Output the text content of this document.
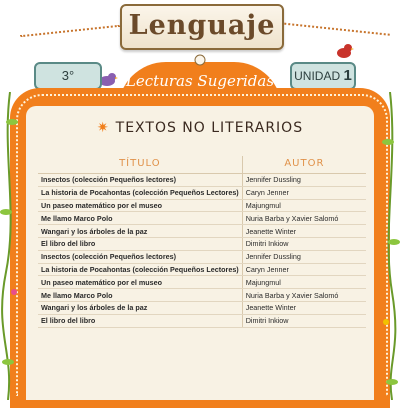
Lenguaje
3°	UNIDAD 1
Lecturas Sugeridas
✷ TEXTOS NO LITERARIOS
TÍTULO	AUTOR
Insectos (colección Pequeños lectores)	Jennifer Dussling
La historia de Pocahontas (colección Pequeños Lectores)	Caryn Jenner
Un paseo matemático por el museo	Majungmul
Me llamo Marco Polo	Nuria Barba y Xavier Salomó
Wangari y los árboles de la paz	Jeanette Winter
El libro del libro	Dimitri Inkiow
Insectos (colección Pequeños lectores)	Jennifer Dussling
La historia de Pocahontas (colección Pequeños Lectores)	Caryn Jenner
Un paseo matemático por el museo	Majungmul
Me llamo Marco Polo	Nuria Barba y Xavier Salomó
Wangari y los árboles de la paz	Jeanette Winter
El libro del libro	Dimitri Inkiow
